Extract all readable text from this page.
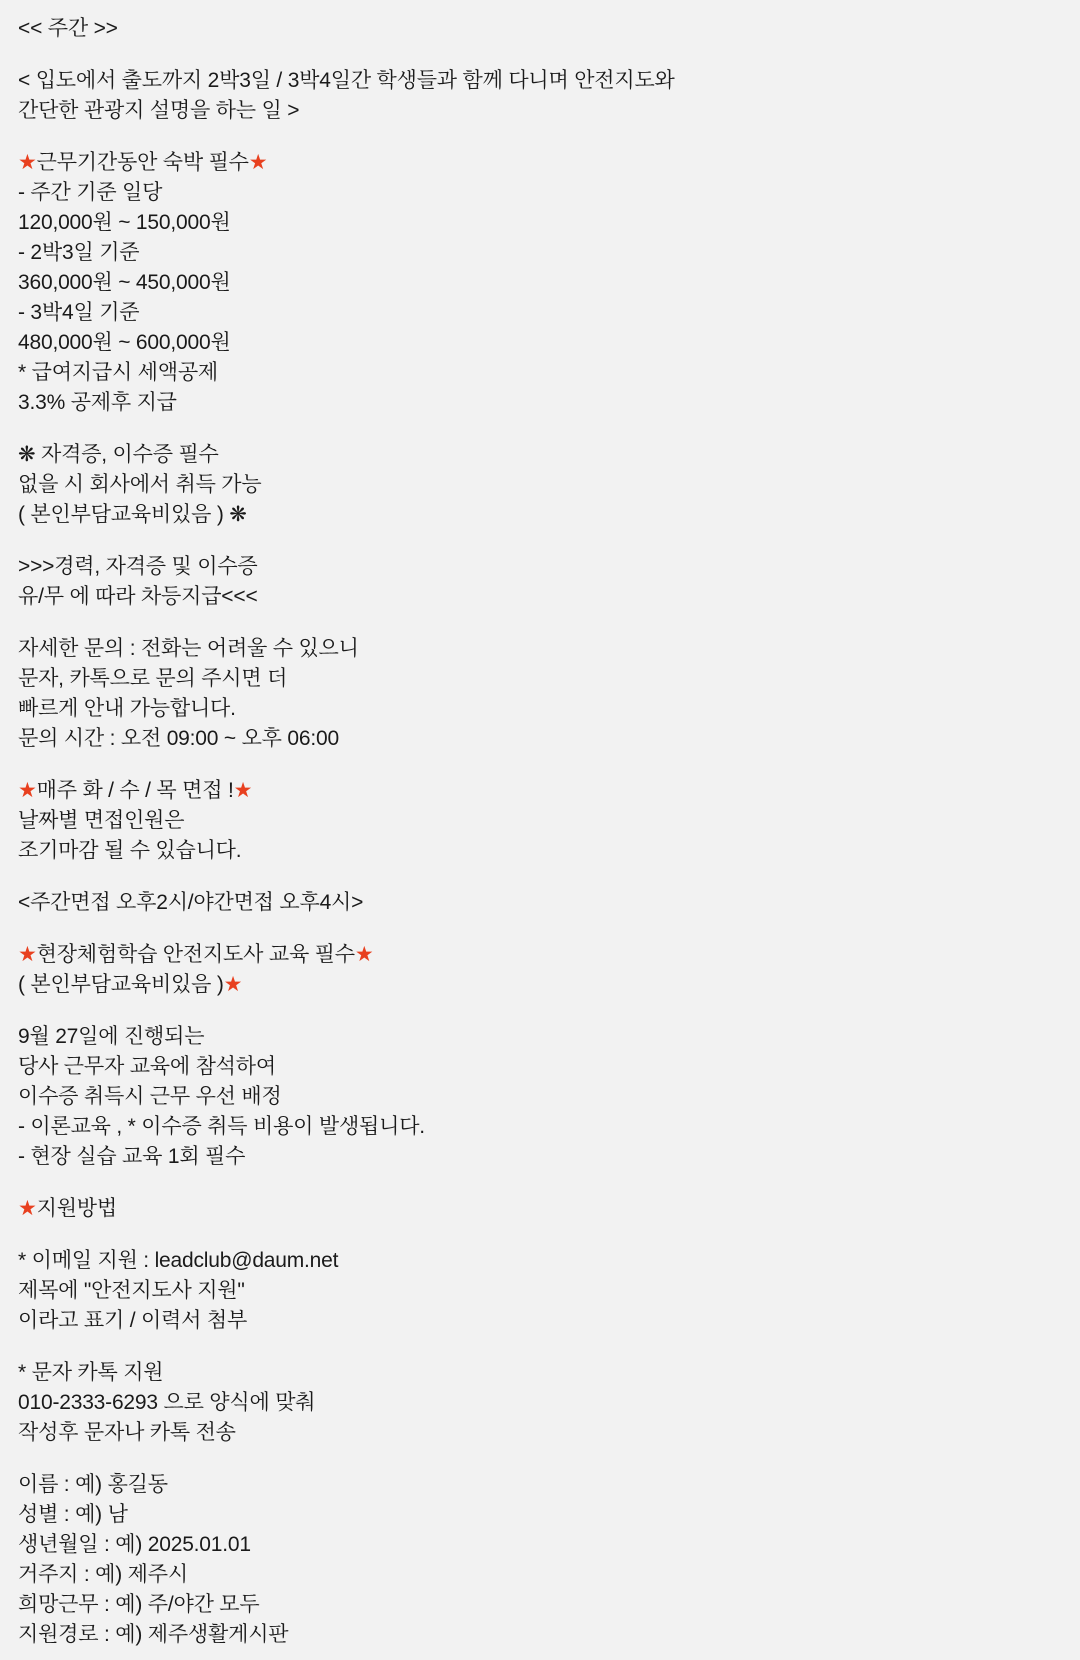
<< 주간 >>
< 입도에서 출도까지 2박3일 / 3박4일간 학생들과 함께 다니며 안전지도와
간단한 관광지 설명을 하는 일 >
★근무기간동안 숙박 필수★
- 주간 기준 일당
120,000원 ~ 150,000원
- 2박3일 기준
360,000원 ~ 450,000원
- 3박4일 기준
480,000원 ~ 600,000원
* 급여지급시 세액공제
3.3% 공제후 지급
❋ 자격증, 이수증 필수
없을 시 회사에서 취득 가능
( 본인부담교육비있음 ) ❋
>>>경력, 자격증 및 이수증
유/무 에 따라 차등지급<<<
자세한 문의 : 전화는 어려울 수 있으니
문자, 카톡으로 문의 주시면 더
빠르게 안내 가능합니다.
문의 시간 : 오전 09:00 ~ 오후 06:00
★매주 화 / 수 / 목 면접 !★
날짜별 면접인원은
조기마감 될 수 있습니다.
<주간면접 오후2시/야간면접 오후4시>
★현장체험학습 안전지도사 교육 필수★
( 본인부담교육비있음 )★
9월 27일에 진행되는
당사 근무자 교육에 참석하여
이수증 취득시 근무 우선 배정
- 이론교육 , * 이수증 취득 비용이 발생됩니다.
- 현장 실습 교육 1회 필수
★지원방법
* 이메일 지원 : leadclub@daum.net
제목에 "안전지도사 지원"
이라고 표기 / 이력서 첨부
* 문자 카톡 지원
010-2333-6293 으로 양식에 맞춰
작성후 문자나 카톡 전송
이름 : 예) 홍길동
성별 : 예) 남
생년월일 : 예) 2025.01.01
거주지 : 예) 제주시
희망근무 : 예) 주/야간 모두
지원경로 : 예) 제주생활게시판
